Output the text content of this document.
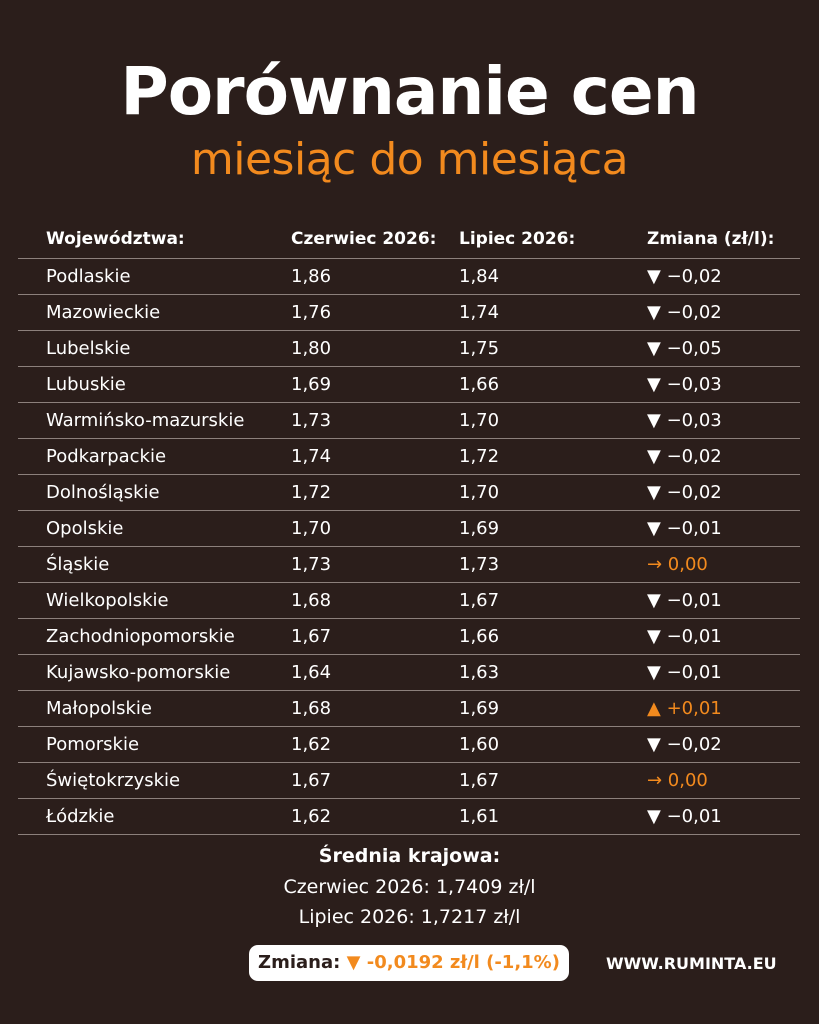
Porównanie cen
miesiąc do miesiąca
Województwa:	Czerwiec 2026: Lipiec 2026:	Zmiana (zł/l):
Podlaskie	1,86	1,84	▼ −0,02
Mazowieckie	1,76	1,74	▼ −0,02
Lubelskie	1,80	1,75	▼ −0,05
Lubuskie	1,69	1,66	▼ −0,03
Warmińsko-mazurskie	1,73	1,70	▼ −0,03
Podkarpackie	1,74	1,72	▼ −0,02
Dolnośląskie	1,72	1,70	▼ −0,02
Opolskie	1,70	1,69	▼ −0,01
Śląskie	1,73	1,73	→ 0,00
Wielkopolskie	1,68	1,67	▼ −0,01
Zachodniopomorskie	1,67	1,66	▼ −0,01
Kujawsko-pomorskie	1,64	1,63	▼ −0,01
Małopolskie	1,68	1,69	▲ +0,01
Pomorskie	1,62	1,60	▼ −0,02
Świętokrzyskie	1,67	1,67	→ 0,00
Łódzkie	1,62	1,61	▼ −0,01
Średnia krajowa:
Czerwiec 2026: 1,7409 zł/l
Lipiec 2026: 1,7217 zł/l
Zmiana: ▼ -0,0192 zł/l (-1,1%)	WWW.RUMINTA.EU
